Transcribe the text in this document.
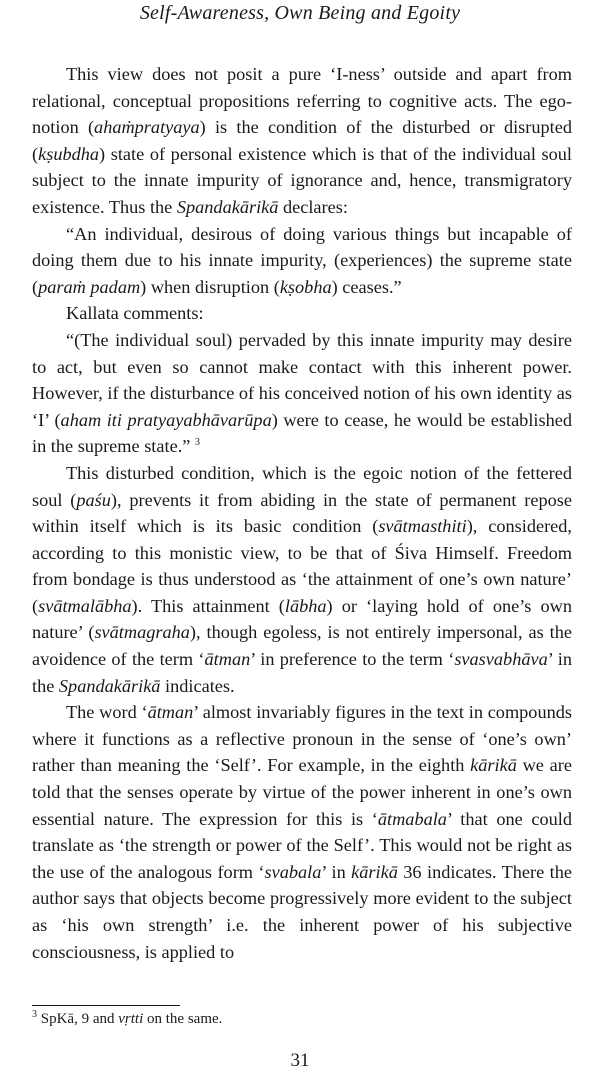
Self-Awareness, Own Being and Egoity

This view does not posit a pure ‘I-ness’ outside and apart from relational, conceptual propositions referring to cognitive acts. The ego-notion (ahaṁpratyaya) is the condition of the disturbed or disrupted (kṣubdha) state of personal existence which is that of the individual soul subject to the innate impurity of ignorance and, hence, transmigratory existence. Thus the Spandakārikā declares:

“An individual, desirous of doing various things but incapable of doing them due to his innate impurity, (experiences) the supreme state (paraṁ padam) when disruption (kṣobha) ceases.”

Kallata comments:

“(The individual soul) pervaded by this innate impurity may desire to act, but even so cannot make contact with this inherent power. However, if the disturbance of his conceived notion of his own identity as ‘I’ (aham iti pratyayabhāvarūpa) were to cease, he would be established in the supreme state.” $^3$

This disturbed condition, which is the egoic notion of the fettered soul (paśu), prevents it from abiding in the state of permanent repose within itself which is its basic condition (svātmasthiti), considered, according to this monistic view, to be that of Śiva Himself. Freedom from bondage is thus understood as ‘the attainment of one’s own nature’ (svātmalābha). This attainment (lābha) or ‘laying hold of one’s own nature’ (svātmagraha), though egoless, is not entirely impersonal, as the avoidence of the term ‘ātman’ in preference to the term ‘svasvabhāva’ in the Spandakārikā indicates.

The word ‘ātman’ almost invariably figures in the text in compounds where it functions as a reflective pronoun in the sense of ‘one’s own’ rather than meaning the ‘Self’. For example, in the eighth kārikā we are told that the senses operate by virtue of the power inherent in one’s own essential nature. The expression for this is ‘ātmabala’ that one could translate as ‘the strength or power of the Self’. This would not be right as the use of the analogous form ‘svabala’ in kārikā 36 indicates. There the author says that objects become progressively more evident to the subject as ‘his own strength’ i.e. the inherent power of his subjective consciousness, is applied to

$^3$ SpKā, 9 and vṛtti on the same.
31
